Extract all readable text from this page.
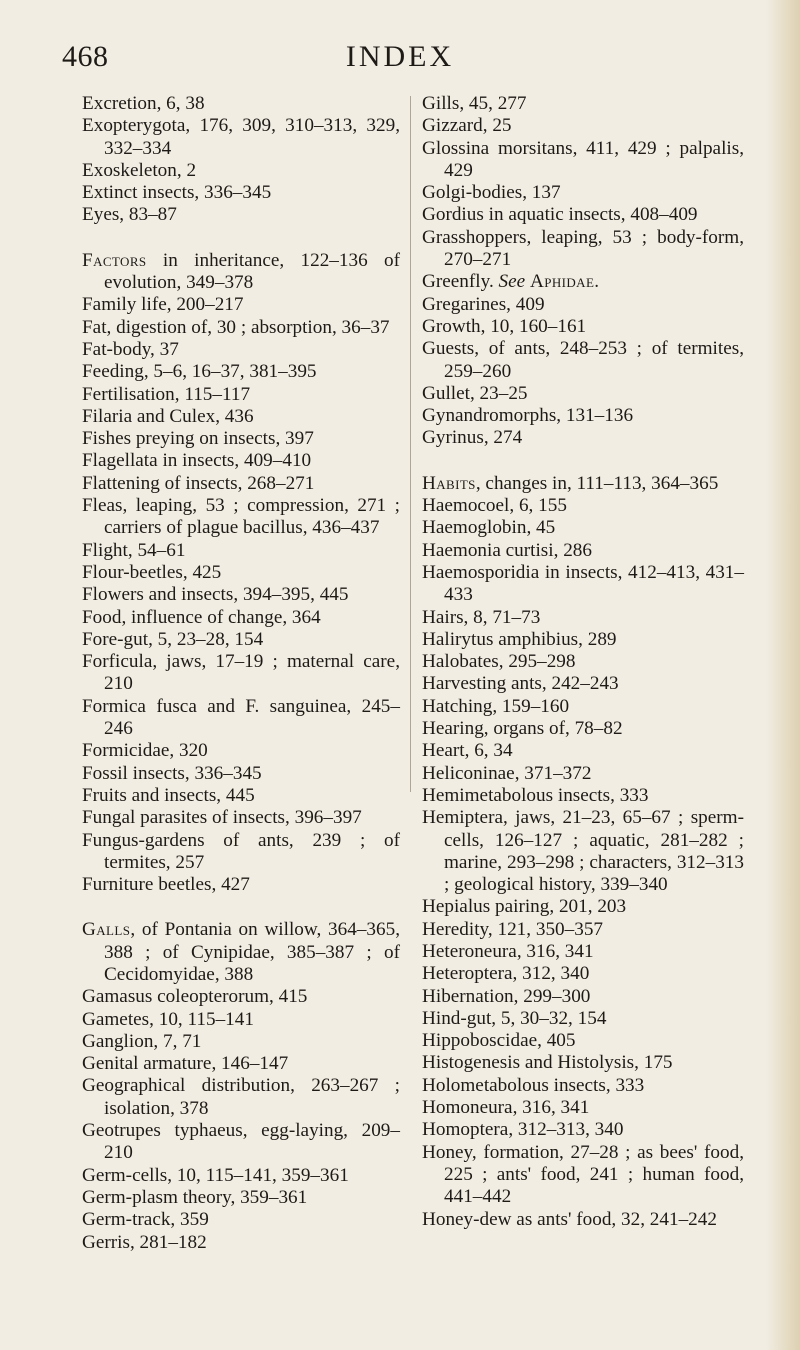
468	INDEX
Excretion, 6, 38
Exopterygota, 176, 309, 310–313, 329, 332–334
Exoskeleton, 2
Extinct insects, 336–345
Eyes, 83–87
Factors in inheritance, 122–136 of evolution, 349–378
Family life, 200–217
Fat, digestion of, 30 ; absorption, 36–37
Fat-body, 37
Feeding, 5–6, 16–37, 381–395
Fertilisation, 115–117
Filaria and Culex, 436
Fishes preying on insects, 397
Flagellata in insects, 409–410
Flattening of insects, 268–271
Fleas, leaping, 53 ; compression, 271 ; carriers of plague bacillus, 436–437
Flight, 54–61
Flour-beetles, 425
Flowers and insects, 394–395, 445
Food, influence of change, 364
Fore-gut, 5, 23–28, 154
Forficula, jaws, 17–19 ; maternal care, 210
Formica fusca and F. sanguinea, 245–246
Formicidae, 320
Fossil insects, 336–345
Fruits and insects, 445
Fungal parasites of insects, 396–397
Fungus-gardens of ants, 239 ; of termites, 257
Furniture beetles, 427
Galls, of Pontania on willow, 364–365, 388 ; of Cynipidae, 385–387 ; of Cecidomyidae, 388
Gamasus coleopterorum, 415
Gametes, 10, 115–141
Ganglion, 7, 71
Genital armature, 146–147
Geographical distribution, 263–267 ; isolation, 378
Geotrupes typhaeus, egg-laying, 209–210
Germ-cells, 10, 115–141, 359–361
Germ-plasm theory, 359–361
Germ-track, 359
Gerris, 281–182
Gills, 45, 277
Gizzard, 25
Glossina morsitans, 411, 429 ; palpalis, 429
Golgi-bodies, 137
Gordius in aquatic insects, 408–409
Grasshoppers, leaping, 53 ; body-form, 270–271
Greenfly. See Aphidae.
Gregarines, 409
Growth, 10, 160–161
Guests, of ants, 248–253 ; of termites, 259–260
Gullet, 23–25
Gynandromorphs, 131–136
Gyrinus, 274
Habits, changes in, 111–113, 364–365
Haemocoel, 6, 155
Haemoglobin, 45
Haemonia curtisi, 286
Haemosporidia in insects, 412–413, 431–433
Hairs, 8, 71–73
Halirytus amphibius, 289
Halobates, 295–298
Harvesting ants, 242–243
Hatching, 159–160
Hearing, organs of, 78–82
Heart, 6, 34
Heliconinae, 371–372
Hemimetabolous insects, 333
Hemiptera, jaws, 21–23, 65–67 ; sperm-cells, 126–127 ; aquatic, 281–282 ; marine, 293–298 ; characters, 312–313 ; geological history, 339–340
Hepialus pairing, 201, 203
Heredity, 121, 350–357
Heteroneura, 316, 341
Heteroptera, 312, 340
Hibernation, 299–300
Hind-gut, 5, 30–32, 154
Hippoboscidae, 405
Histogenesis and Histolysis, 175
Holometabolous insects, 333
Homoneura, 316, 341
Homoptera, 312–313, 340
Honey, formation, 27–28 ; as bees' food, 225 ; ants' food, 241 ; human food, 441–442
Honey-dew as ants' food, 32, 241–242
